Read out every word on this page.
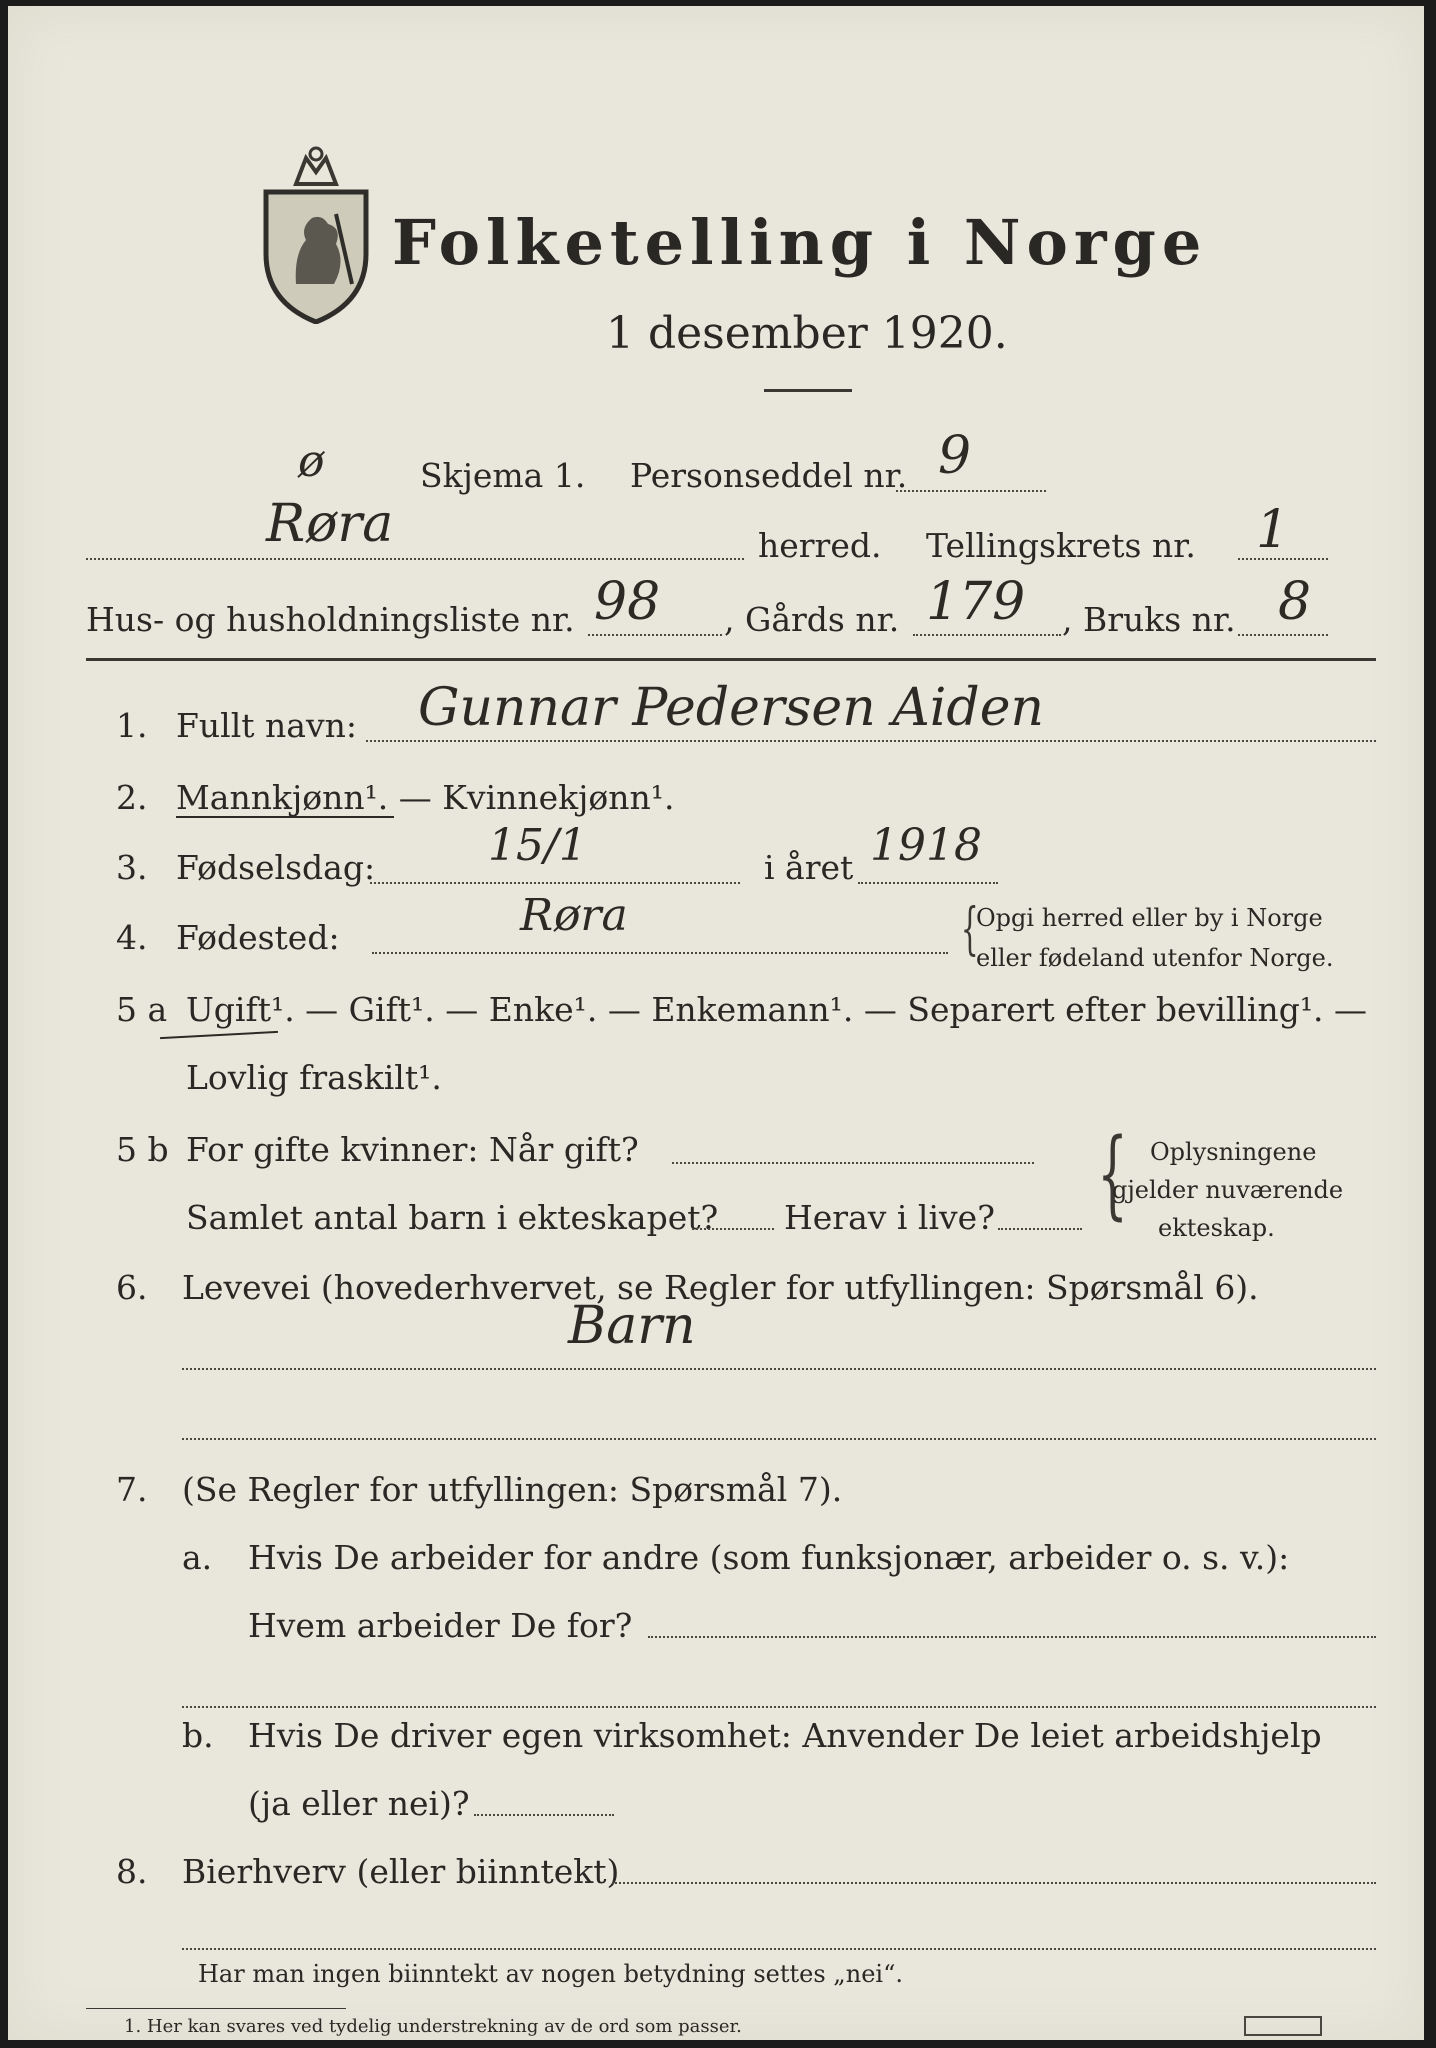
Folketelling i Norge
1 desember 1920.
ø	Skjema 1. Personseddel nr. 9
Røra	herred. Tellingskrets nr. 1
Hus- og husholdningsliste nr. 98 , Gårds nr. 179 , Bruks nr. 8
1. Fullt navn: Gunnar Pedersen Aiden
2. Mannkjønn¹. — Kvinnekjønn¹.
3. Fødselsdag:	15/1	i året 1918
4. Fødested:	Røra	{
Opgi herred eller by i Norge
eller fødeland utenfor Norge.
5 a Ugift¹. — Gift¹. — Enke¹. — Enkemann¹. — Separert efter bevilling¹. —
Lovlig fraskilt¹.
5 b For gifte kvinner: Når gift?
Samlet antal barn i ekteskapet? Herav i live? { Oplysningene
gjelder nuværende
ekteskap.
6. Levevei (hovederhvervet, se Regler for utfyllingen: Spørsmål 6).
Barn
7. (Se Regler for utfyllingen: Spørsmål 7).
a. Hvis De arbeider for andre (som funksjonær, arbeider o. s. v.):
Hvem arbeider De for?
b. Hvis De driver egen virksomhet: Anvender De leiet arbeidshjelp
(ja eller nei)?
8. Bierhverv (eller biinntekt)
Har man ingen biinntekt av nogen betydning settes „nei“.
1. Her kan svares ved tydelig understrekning av de ord som passer.
